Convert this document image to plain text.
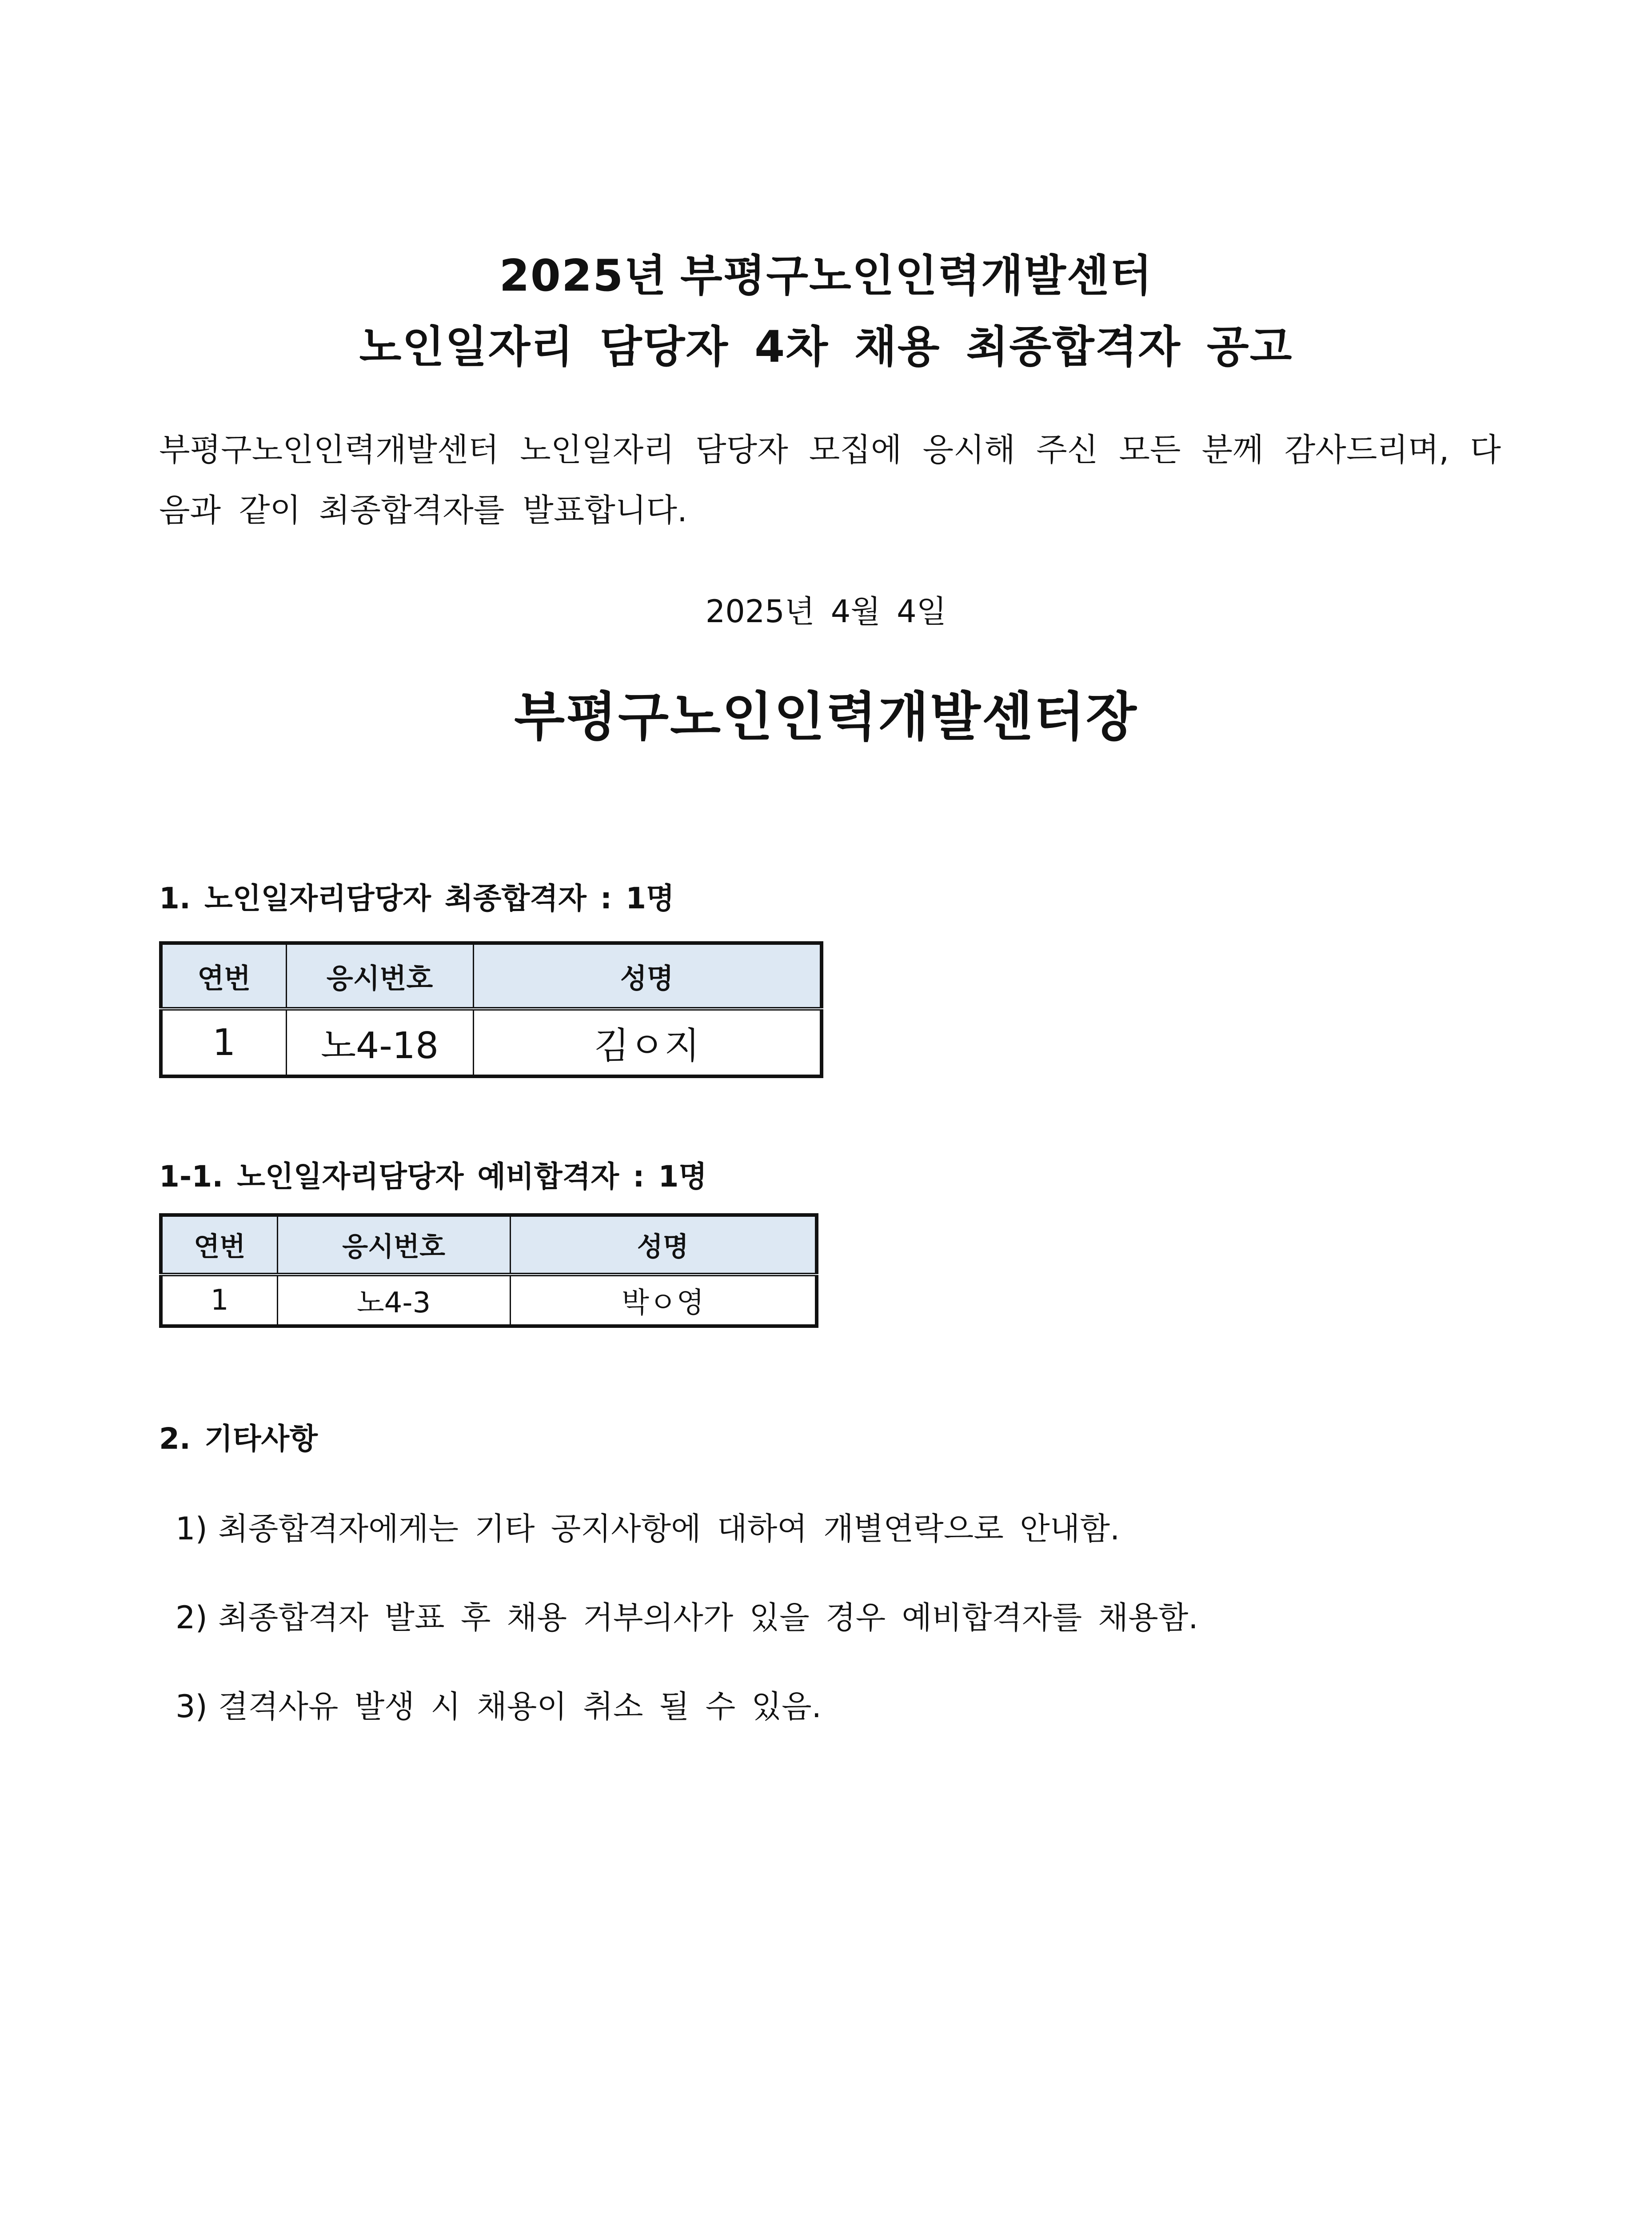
2025년 부평구노인인력개발센터
노인일자리 담당자 4차 채용 최종합격자 공고
부평구노인인력개발센터 노인일자리 담당자 모집에 응시해 주신 모든 분께 감사드리며, 다음과 같이 최종합격자를 발표합니다.
2025년 4월 4일
부평구노인인력개발센터장
1. 노인일자리담당자 최종합격자 : 1명
연번	응시번호	성명
1	노4-18	김ㅇ지
1-1. 노인일자리담당자 예비합격자 : 1명
연번	응시번호	성명
1	노4-3	박ㅇ영
2. 기타사항
1) 최종합격자에게는 기타 공지사항에 대하여 개별연락으로 안내함.
2) 최종합격자 발표 후 채용 거부의사가 있을 경우 예비합격자를 채용함.
3) 결격사유 발생 시 채용이 취소 될 수 있음.
